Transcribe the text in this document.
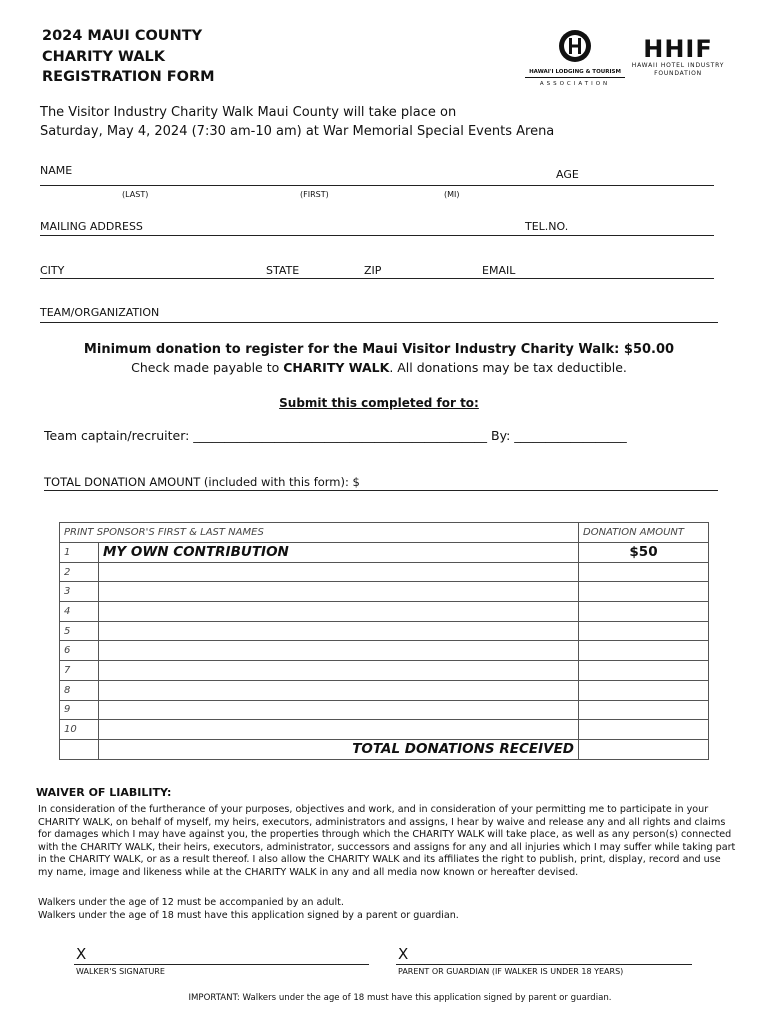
2024 MAUI COUNTY
CHARITY WALK
REGISTRATION FORM	HAWAI'I LODGING & TOURISM
ASSOCIATION
HHIF
HAWAII HOTEL INDUSTRY
FOUNDATION
The Visitor Industry Charity Walk Maui County will take place on
Saturday, May 4, 2024 (7:30 am-10 am) at War Memorial Special Events Arena
NAME	AGE
(LAST)	(FIRST)	(MI)
MAILING ADDRESS	TEL.NO.
CITY	STATE	ZIP	EMAIL
TEAM/ORGANIZATION
Minimum donation to register for the Maui Visitor Industry Charity Walk: $50.00
Check made payable to CHARITY WALK. All donations may be tax deductible.
Submit this completed for to:
Team captain/recruiter: _______________________________________________ By: __________________
TOTAL DONATION AMOUNT (included with this form): $
PRINT SPONSOR'S FIRST & LAST NAMES		DONATION AMOUNT
1	MY OWN CONTRIBUTION	$50
2		
3		
4		
5		
6		
7		
8		
9		
10		
	TOTAL DONATIONS RECEIVED	
WAIVER OF LIABILITY:
In consideration of the furtherance of your purposes, objectives and work, and in consideration of your permitting me to participate in your CHARITY WALK, on behalf of myself, my heirs, executors, administrators and assigns, I hear by waive and release any and all rights and claims for damages which I may have against you, the properties through which the CHARITY WALK will take place, as well as any person(s) connected with the CHARITY WALK, their heirs, executors, administrator, successors and assigns for any and all injuries which I may suffer while taking part in the CHARITY WALK, or as a result thereof. I also allow the CHARITY WALK and its affiliates the right to publish, print, display, record and use my name, image and likeness while at the CHARITY WALK in any and all media now known or hereafter devised.
Walkers under the age of 12 must be accompanied by an adult.
Walkers under the age of 18 must have this application signed by a parent or guardian.
X
WALKER'S SIGNATURE
X
PARENT OR GUARDIAN (IF WALKER IS UNDER 18 YEARS)
IMPORTANT: Walkers under the age of 18 must have this application signed by parent or guardian.
